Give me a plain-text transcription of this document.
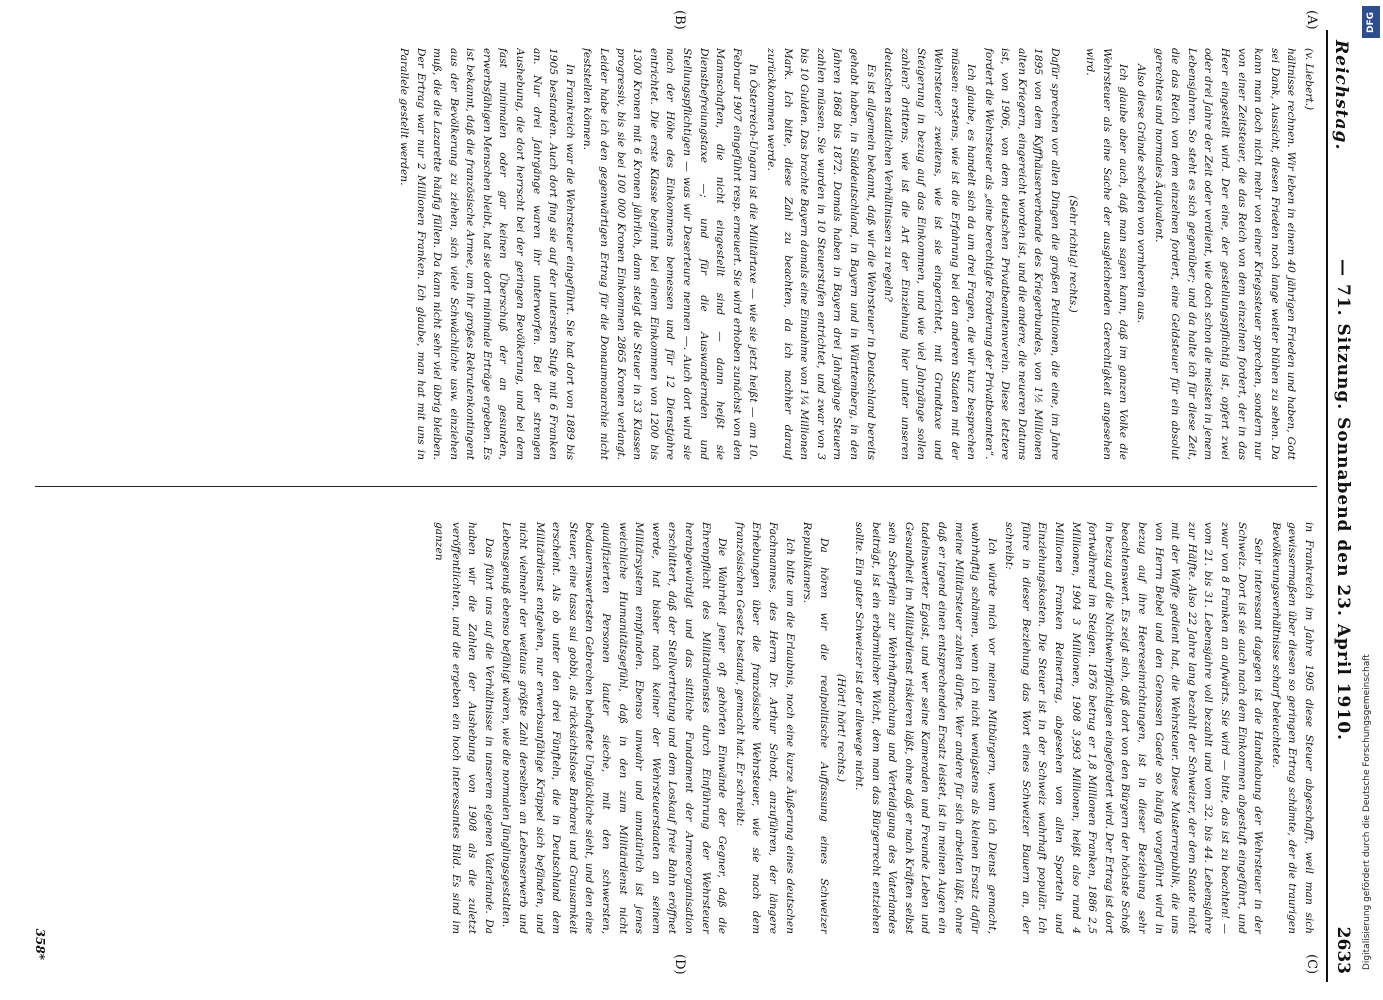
Reichstag.
— 71. Sitzung. Sonnabend den 23. April 1910.
2633
(A)
(B)
(C)
(D)

(v. Liebert.)

hältnisse rechnen. Wir leben in einem 40 jährigen Frieden und haben, Gott sei Dank, Aussicht, diesen Frieden noch lange weiter blühen zu sehen. Da kann man doch nicht mehr von einer Kriegssteuer sprechen, sondern nur von einer Zeitsteuer, die das Reich von dem einzelnen fordert, der in das Heer eingestellt wird. Der eine, der gestellungspflichtig ist, opfert zwei oder drei Jahre der Zeit oder verdient, wie doch schon die meisten in jenem Lebensjahren. So steht es sich gegenüber; und da halte ich für diese Zeit, die das Reich von dem einzelnen fordert, eine Geldsteuer für ein absolut gerechtes und normales Äquivalent.

Also diese Gründe scheiden von vornherein aus.

Ich glaube aber auch, daß man sagen kann, daß im ganzen Volke die Wehrsteuer als eine Sache der ausgleichenden Gerechtigkeit angesehen wird.

(Sehr richtig! rechts.)

Dafür sprechen vor allen Dingen die großen Petitionen, die eine, im Jahre 1895 von dem Kyffhäuserverbande des Kriegerbundes, von 1½ Millionen alten Kriegern, eingereicht worden ist, und die andere, die neueren Datums ist, von 1906, von dem deutschen Privatbeamtenverein. Diese letztere fordert die Wehrsteuer als „eine berechtigte Forderung der Privatbeamten“.

Ich glaube, es handelt sich da um drei Fragen, die wir kurz besprechen müssen: erstens, wie ist die Erfahrung bei den anderen Staaten mit der Wehrsteuer? zweitens, wie ist sie eingerichtet, mit Grundtaxe und Steigerung in bezug auf das Einkommen, und wie viel Jahrgänge sollen zahlen? drittens, wie ist die Art der Einziehung hier unter unseren deutschen staatlichen Verhältnissen zu regeln?

Es ist allgemein bekannt, daß wir die Wehrsteuer in Deutschland bereits gehabt haben, in Süddeutschland, in Bayern und in Württemberg, in den Jahren 1868 bis 1872. Damals haben in Bayern drei Jahrgänge Steuern zahlen müssen. Sie wurden in 10 Steuerstufen entrichtet, und zwar von 3 bis 10 Gulden. Das brachte Bayern damals eine Einnahme von 1¼ Millionen Mark. Ich bitte, diese Zahl zu beachten, da ich nachher darauf zurückkommen werde.

In Österreich-Ungarn ist die Militärtaxe — wie sie jetzt heißt — am 10. Februar 1907 eingeführt resp. erneuert. Sie wird erhoben zunächst von den Mannschaften, die nicht eingestellt sind — dann heißt sie Dienstbefreiungstaxe —; und für die Auswandernden und Stellungspflichtigen — was wir Deserteure nennen —. Auch dort wird sie nach der Höhe des Einkommens bemessen und für 12 Dienstjahre entrichtet. Die erste Klasse beginnt bei einem Einkommen von 1200 bis 1300 Kronen mit 6 Kronen jährlich, dann steigt die Steuer in 33 Klassen progressiv, bis sie bei 100 000 Kronen Einkommen 2865 Kronen verlangt. Leider habe ich den gegenwärtigen Ertrag für die Donaumonarchie nicht feststellen können.

In Frankreich war die Wehrsteuer eingeführt. Sie hat dort von 1889 bis 1905 bestanden. Auch dort fing sie auf der untersten Stufe mit 6 Franken an. Nur drei Jahrgänge waren ihr unterworfen. Bei der strengen Aushebung, die dort herrscht bei der geringen Bevölkerung, und bei dem fast minimalen oder gar keinen Überschuß der an gesunden, erwerbsfähigen Menschen bleibt, hat sie dort minimale Erträge ergeben. Es ist bekannt, daß die französische Armee, um ihr großes Rekrutenkontingent aus der Bevölkerung zu ziehen, sich viele Schwächliche usw. einziehen muß, die die Lazarette häufig füllen. Da kann nicht sehr viel übrig bleiben. Der Ertrag war nur 2 Millionen Franken. Ich glaube, man hat mit uns in Parallele gestellt werden.

in Frankreich im Jahre 1905 diese Steuer abgeschafft, weil man sich gewissermaßen über diesen so geringen Ertrag schämte, der die traurigen Bevölkerungsverhältnisse scharf beleuchtete.

Sehr interessant dagegen ist die Handhabung der Wehrsteuer in der Schweiz. Dort ist sie auch nach dem Einkommen abgestuft eingeführt, und zwar von 8 Franken an aufwärts. Sie wird — bitte, das ist zu beachten! — vom 21. bis 31. Lebensjahre voll bezahlt und vom 32. bis 44. Lebensjahre zur Hälfte. Also 22 Jahre lang bezahlt der Schweizer, der dem Staate nicht mit der Waffe gedient hat, die Wehrsteuer. Diese Musterrepublik, die uns von Herrn Bebel und den Genossen Gaede so häufig vorgeführt wird in bezug auf ihre Heereseinrichtungen, ist in dieser Beziehung sehr beachtenswert. Es zeigt sich, daß dort von den Bürgern der höchste Schoß in bezug auf die Nichtwehrpflichtigen eingefordert wird. Der Ertrag ist dort fortwährend im Steigen. 1876 betrug er 1,8 Millionen Franken, 1886 2,5 Millionen, 1904 3 Millionen, 1908 3,993 Millionen, heißt also rund 4 Millionen Franken Reinertrag, abgesehen von allen Sporteln und Einziehungskosten. Die Steuer ist in der Schweiz wahrhaft populär. Ich führe in dieser Beziehung das Wort eines Schweizer Bauern an, der schreibt:

Ich würde mich vor meinen Mitbürgern, wenn ich Dienst gemacht, wahrhaftig schämen, wenn ich nicht wenigstens als kleinen Ersatz dafür meine Militärsteuer zahlen dürfte. Wer andere für sich arbeiten läßt, ohne daß er irgend einen entsprechenden Ersatz leistet, ist in meinen Augen ein tadelnswerter Egoist, und wer seine Kameraden und Freunde Leben und Gesundheit im Militärdienst riskieren läßt, ohne daß er nach Kräften selbst sein Scherflein zur Wehrhaftmachung und Verteidigung des Vaterlandes beiträgt, ist ein erbärmlicher Wicht, dem man das Bürgerrecht entziehen sollte. Ein guter Schweizer ist der allewege nicht.

(Hört! hört! rechts.)

Da hören wir die realpolitische Auffassung eines Schweizer Republikaners.

Ich bitte um die Erlaubnis, noch eine kurze Äußerung eines deutschen Fachmannes, des Herrn Dr. Arthur Schott, anzuführen, der längere Erhebungen über die französische Wehrsteuer, wie sie nach dem französischen Gesetz bestand, gemacht hat. Er schreibt:

Die Wahrheit jener oft gehörten Einwände der Gegner, daß die Ehrenpflicht des Militärdienstes durch Einführung der Wehrsteuer herabgewürdigt und das sittliche Fundament der Armeeorganisation erschüttert, daß der Stellvertretung und dem Loskauf freie Bahn eröffnet werde, hat bisher nach keiner der Wehrsteuerstaaten an seinem Militärsystem empfunden. Ebenso unwahr und unnatürlich ist jenes weichliche Humanitätsgefühl, daß in den zum Militärdienst nicht qualifizierten Personen lauter sieche, mit den schwersten, bedauernswertesten Gebrechen behaftete Unglückliche sieht, und den eine Steuer, eine tassa sui gobbi, als rücksichtslose Barbarei und Grausamkeit erscheint. Als ob unter den drei Fünfteln, die in Deutschland dem Militärdienst entgehen, nur erwerbsunfähige Krüppel sich befänden, und nicht vielmehr der weitaus größte Zahl derselben an Lebenserwerb und Lebensgenuß ebenso befähigt wären, wie die normalen Jünglingsgestalten.

Das führt uns auf die Verhältnisse in unserem eigenen Vaterlande. Da haben wir die Zahlen der Aushebung von 1908 als die zuletzt veröffentlichten, und die ergeben ein hoch interessantes Bild. Es sind im ganzen

358*
DFG
Digitalisierung gefördert durch die Deutsche Forschungsgemeinschaft
